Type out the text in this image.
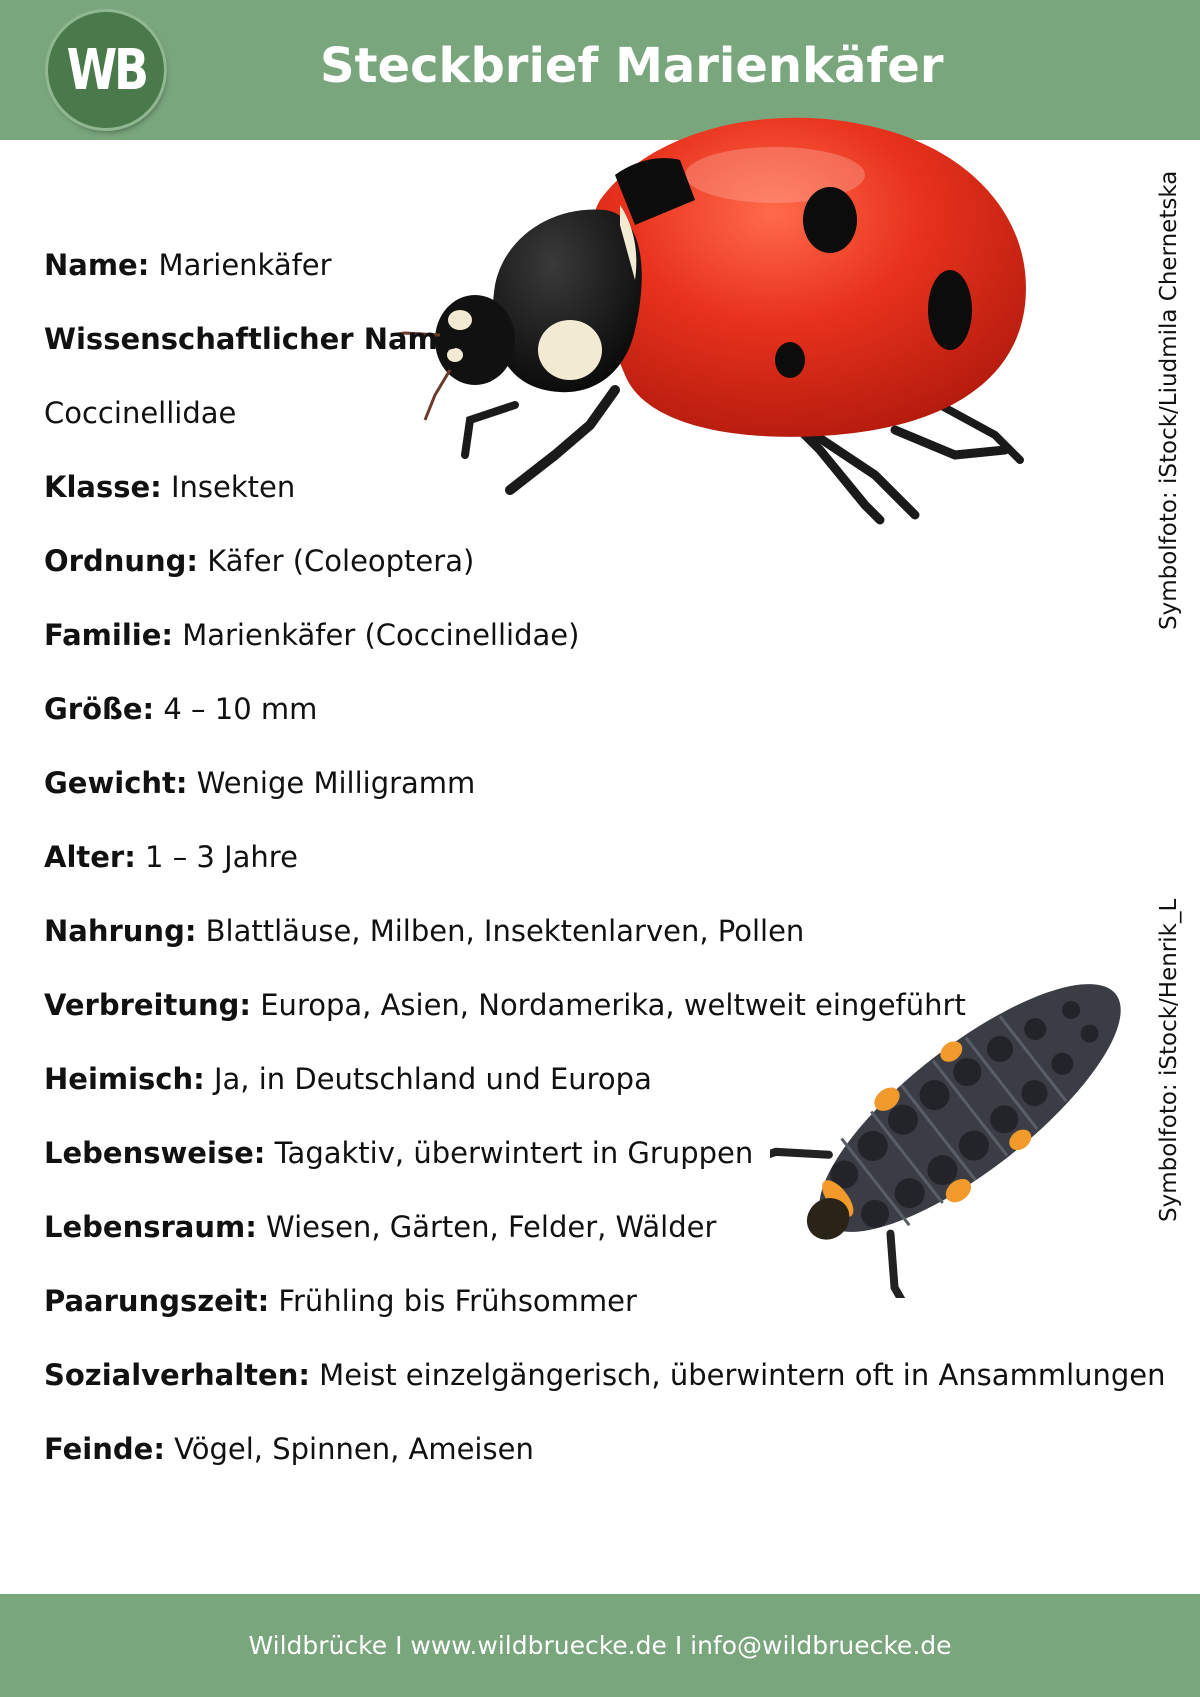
WB	Steckbrief Marienkäfer
Name: Marienkäfer
Wissenschaftlicher Name:
Coccinellidae
Klasse: Insekten
Ordnung: Käfer (Coleoptera)
Familie: Marienkäfer (Coccinellidae)
Größe: 4 – 10 mm
Gewicht: Wenige Milligramm
Alter: 1 – 3 Jahre
Nahrung: Blattläuse, Milben, Insektenlarven, Pollen
Verbreitung: Europa, Asien, Nordamerika, weltweit eingeführt
Heimisch: Ja, in Deutschland und Europa
Lebensweise: Tagaktiv, überwintert in Gruppen
Lebensraum: Wiesen, Gärten, Felder, Wälder
Paarungszeit: Frühling bis Frühsommer
Sozialverhalten: Meist einzelgängerisch, überwintern oft in Ansammlungen
Feinde: Vögel, Spinnen, Ameisen
Symbolfoto: iStock/Liudmila Chernetska
Symbolfoto: iStock/Henrik_L
Wildbrücke I www.wildbruecke.de I info@wildbruecke.de
